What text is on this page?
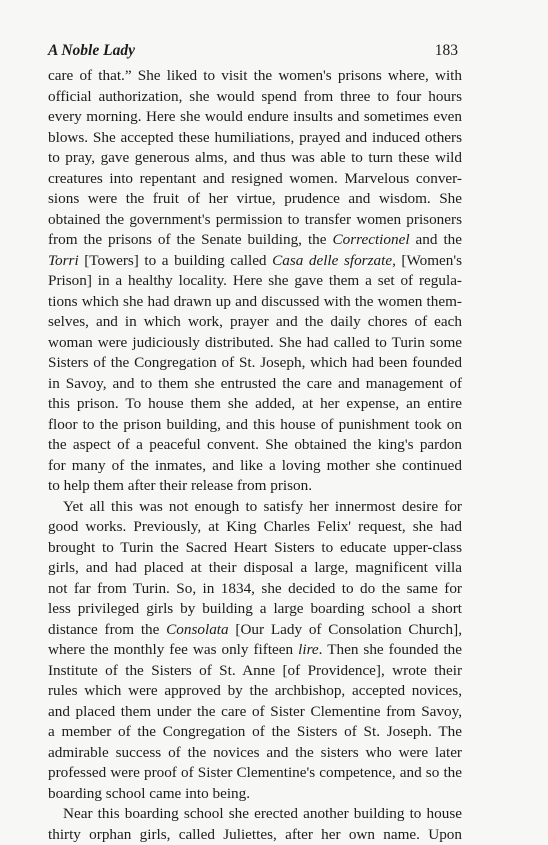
A Noble Lady	183
care of that.” She liked to visit the women's prisons where, with
official authorization, she would spend from three to four hours
every morning. Here she would endure insults and sometimes even
blows. She accepted these humiliations, prayed and induced others
to pray, gave generous alms, and thus was able to turn these wild
creatures into repentant and resigned women. Marvelous conver-
sions were the fruit of her virtue, prudence and wisdom. She
obtained the government's permission to transfer women prisoners
from the prisons of the Senate building, the Correctionel and the
Torri [Towers] to a building called Casa delle sforzate, [Women's
Prison] in a healthy locality. Here she gave them a set of regula-
tions which she had drawn up and discussed with the women them-
selves, and in which work, prayer and the daily chores of each
woman were judiciously distributed. She had called to Turin some
Sisters of the Congregation of St. Joseph, which had been founded
in Savoy, and to them she entrusted the care and management of
this prison. To house them she added, at her expense, an entire
floor to the prison building, and this house of punishment took on
the aspect of a peaceful convent. She obtained the king's pardon
for many of the inmates, and like a loving mother she continued
to help them after their release from prison.
Yet all this was not enough to satisfy her innermost desire for
good works. Previously, at King Charles Felix' request, she had
brought to Turin the Sacred Heart Sisters to educate upper-class
girls, and had placed at their disposal a large, magnificent villa
not far from Turin. So, in 1834, she decided to do the same for
less privileged girls by building a large boarding school a short
distance from the Consolata [Our Lady of Consolation Church],
where the monthly fee was only fifteen lire. Then she founded the
Institute of the Sisters of St. Anne [of Providence], wrote their
rules which were approved by the archbishop, accepted novices,
and placed them under the care of Sister Clementine from Savoy,
a member of the Congregation of the Sisters of St. Joseph. The
admirable success of the novices and the sisters who were later
professed were proof of Sister Clementine's competence, and so the
boarding school came into being.
Near this boarding school she erected another building to house
thirty orphan girls, called Juliettes, after her own name. Upon
